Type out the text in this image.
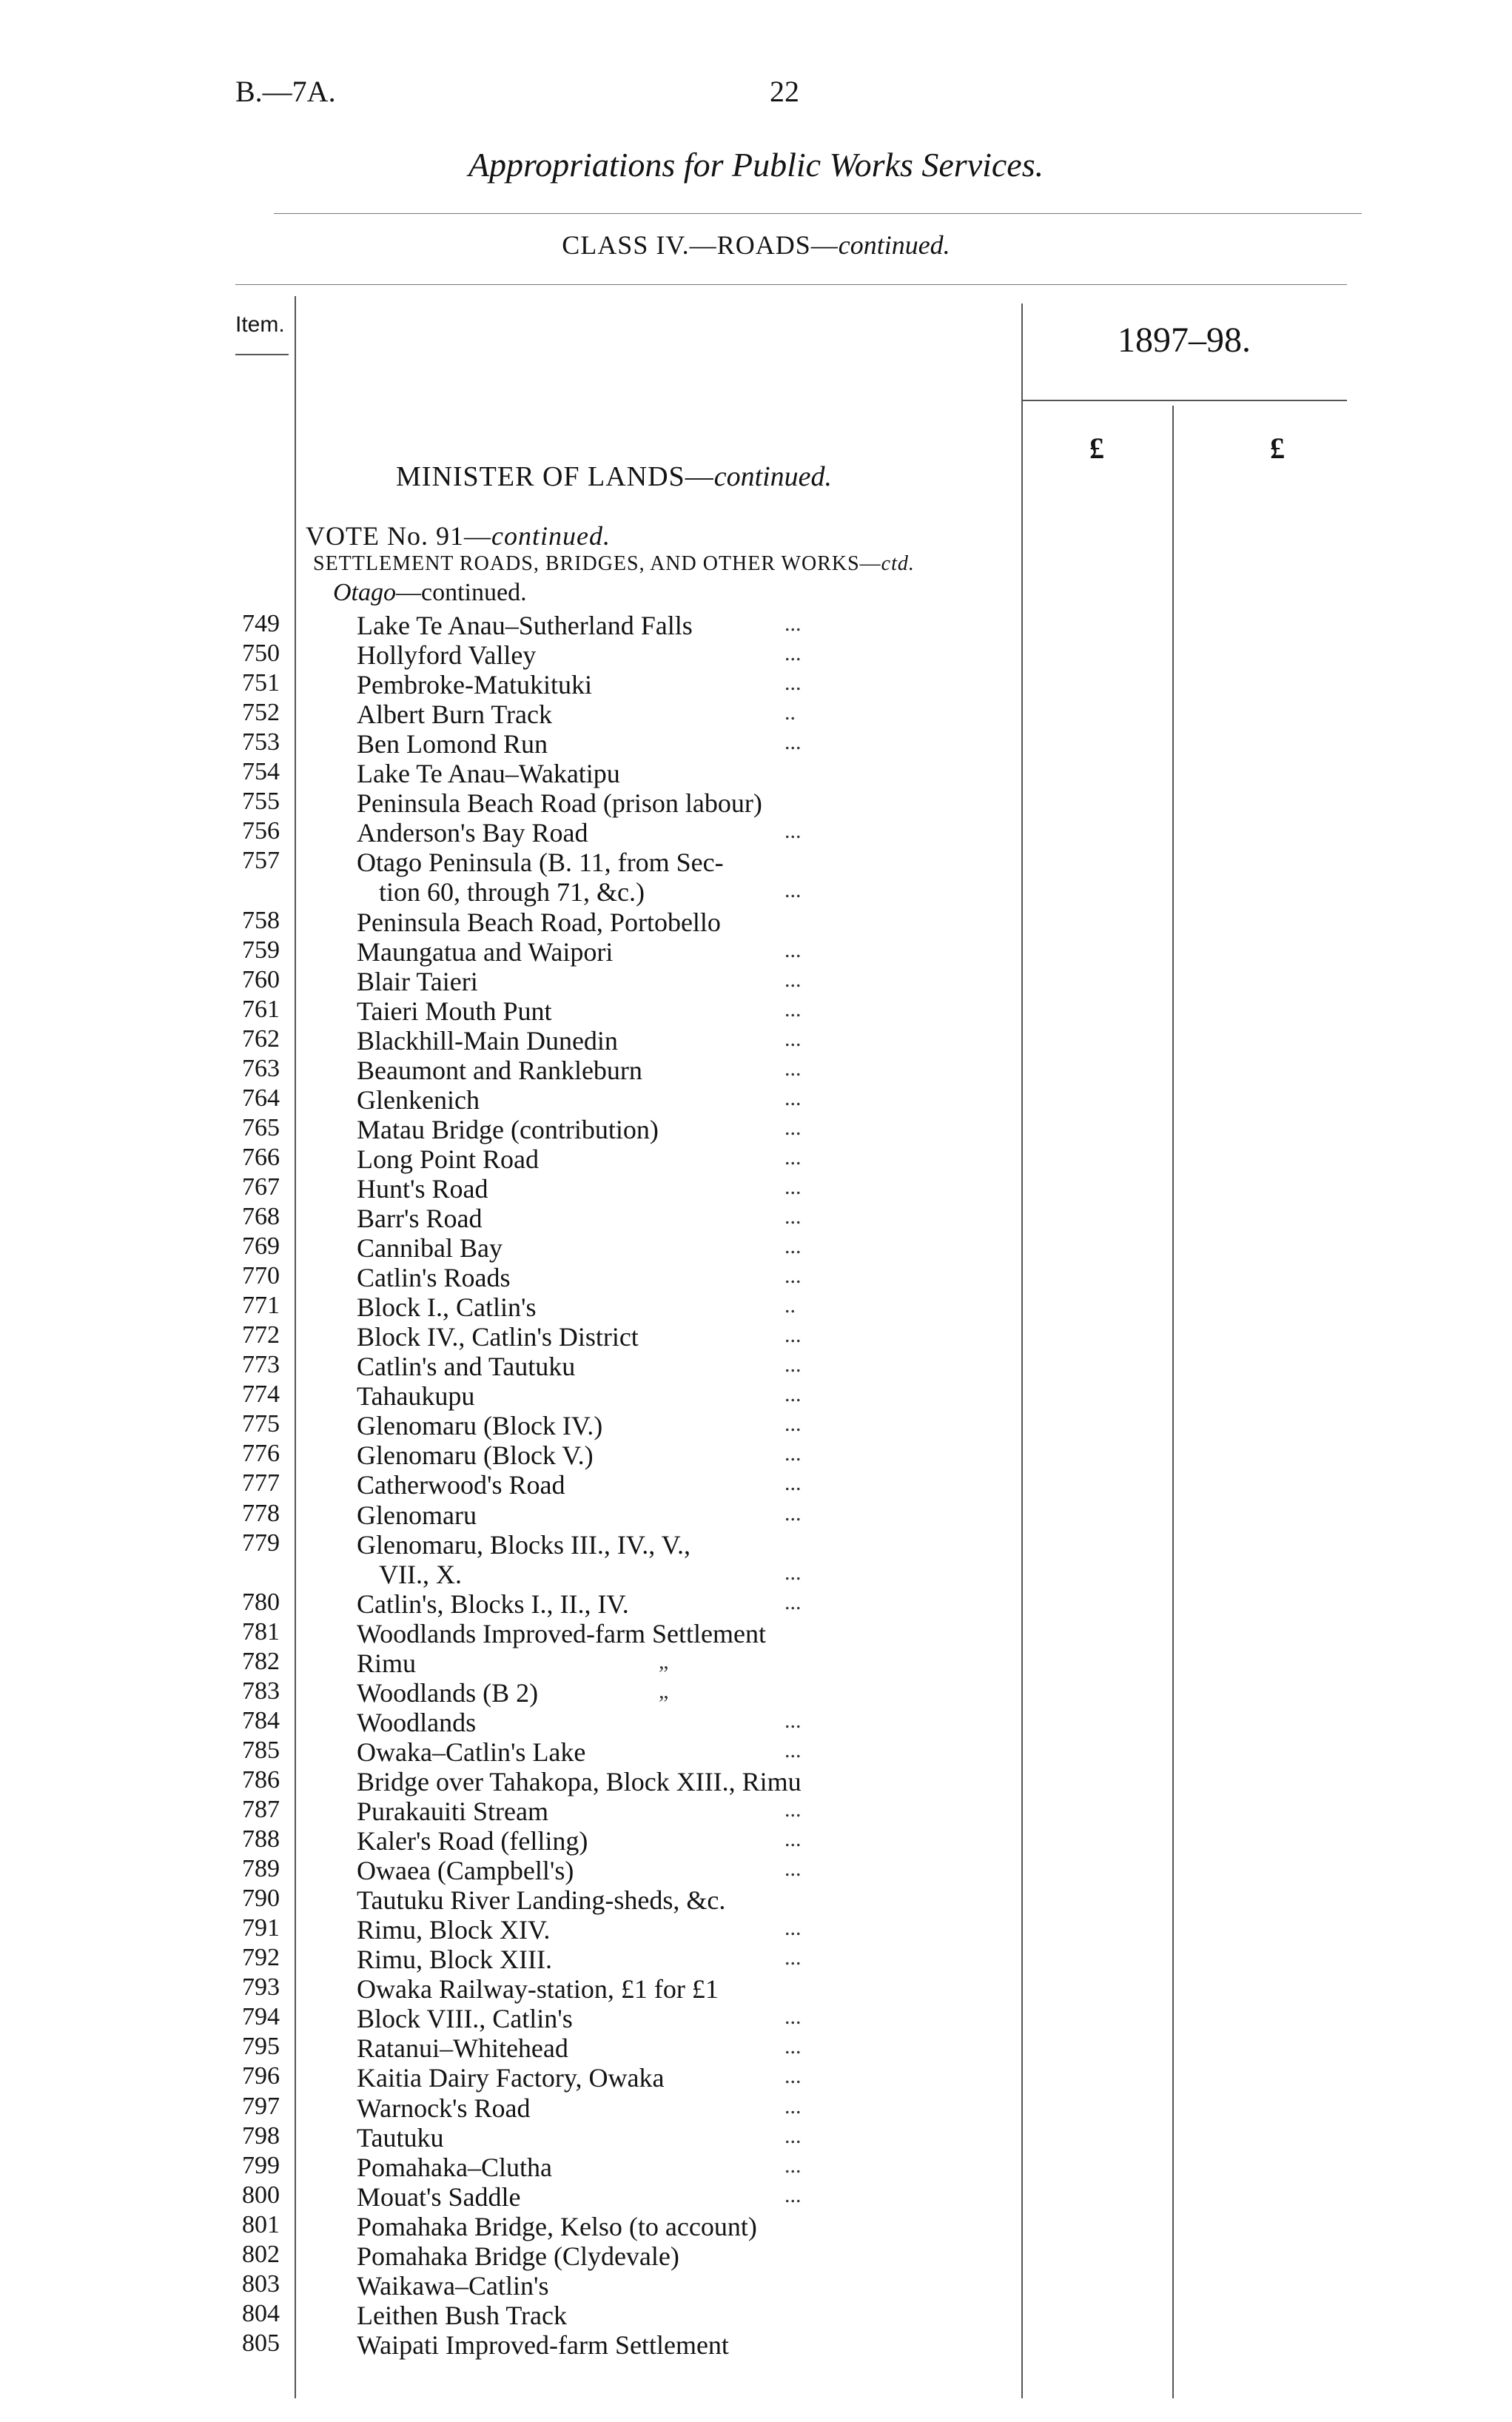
B.—7A.	22
Appropriations for Public Works Services.
CLASS IV.—ROADS—continued.
Item.	1897–98.
£	£
MINISTER OF LANDS—continued.
VOTE No. 91—continued.
SETTLEMENT ROADS, BRIDGES, AND OTHER WORKS—ctd.
Otago—continued.
749	Lake Te Anau–Sutherland Falls	...
750	Hollyford Valley	...
751	Pembroke-Matukituki	...
752	Albert Burn Track	..
753	Ben Lomond Run	...
754	Lake Te Anau–Wakatipu
755	Peninsula Beach Road (prison labour)
756	Anderson's Bay Road	...
757	Otago Peninsula (B. 11, from Sec-
tion 60, through 71, &c.)	...
758	Peninsula Beach Road, Portobello
759	Maungatua and Waipori	...
760	Blair Taieri	...
761	Taieri Mouth Punt	...
762	Blackhill-Main Dunedin	...
763	Beaumont and Rankleburn	...
764	Glenkenich	...
765	Matau Bridge (contribution)	...
766	Long Point Road	...
767	Hunt's Road	...
768	Barr's Road	...
769	Cannibal Bay	...
770	Catlin's Roads	...
771	Block I., Catlin's	..
772	Block IV., Catlin's District	...
773	Catlin's and Tautuku	...
774	Tahaukupu	...
775	Glenomaru (Block IV.)	...
776	Glenomaru (Block V.)	...
777	Catherwood's Road	...
778	Glenomaru	...
779	Glenomaru, Blocks III., IV., V.,
VII., X.	...
780	Catlin's, Blocks I., II., IV.	...
781	Woodlands Improved-farm Settlement
782	Rimu	„
783	Woodlands (B 2)	„
784	Woodlands	...
785	Owaka–Catlin's Lake	...
786	Bridge over Tahakopa, Block XIII., Rimu
787	Purakauiti Stream	...
788	Kaler's Road (felling)	...
789	Owaea (Campbell's)	...
790	Tautuku River Landing-sheds, &c.
791	Rimu, Block XIV.	...
792	Rimu, Block XIII.	...
793	Owaka Railway-station, £1 for £1
794	Block VIII., Catlin's	...
795	Ratanui–Whitehead	...
796	Kaitia Dairy Factory, Owaka	...
797	Warnock's Road	...
798	Tautuku	...
799	Pomahaka–Clutha	...
800	Mouat's Saddle	...
801	Pomahaka Bridge, Kelso (to account)
802	Pomahaka Bridge (Clydevale)
803	Waikawa–Catlin's
804	Leithen Bush Track
805	Waipati Improved-farm Settlement
